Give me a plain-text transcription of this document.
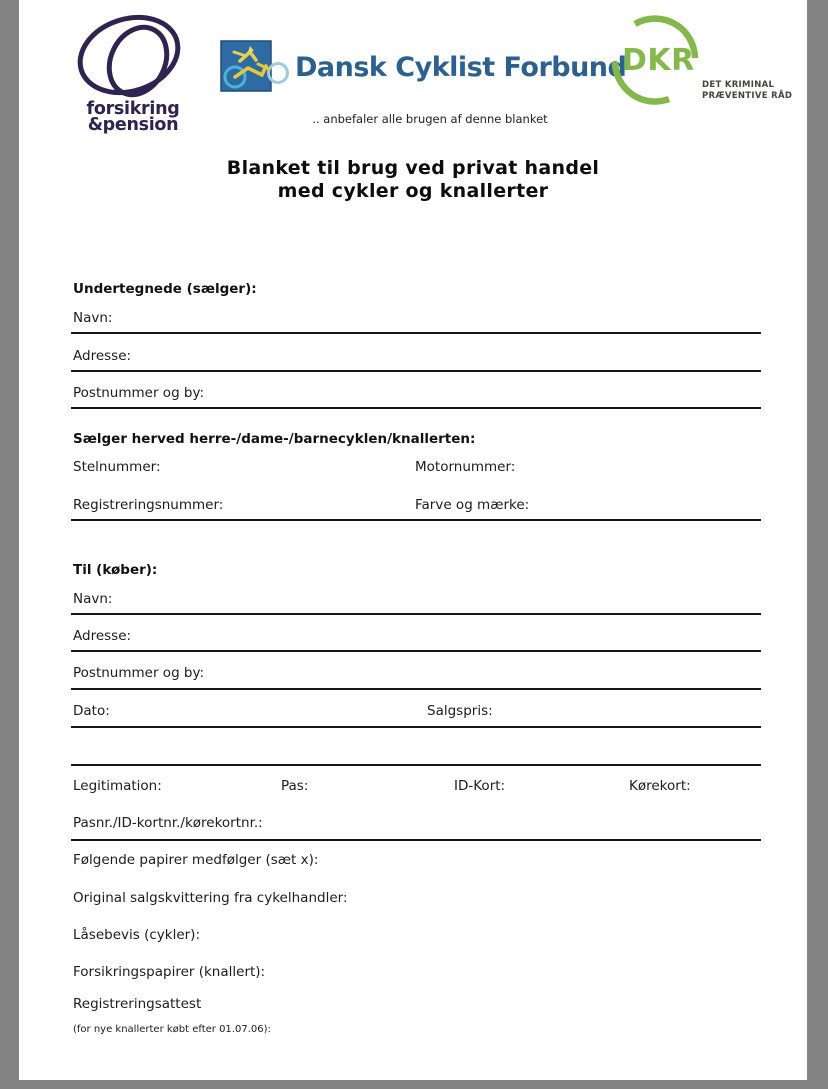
forsikring
&pension
Dansk Cyklist Forbund
.. anbefaler alle brugen af denne blanket
DKR
DET KRIMINAL
PRÆVENTIVE RÅD
Blanket til brug ved privat handel
med cykler og knallerter
Undertegnede (sælger):
Navn:
Adresse:
Postnummer og by:
Sælger herved herre-/dame-/barnecyklen/knallerten:
Stelnummer:	Motornummer:
Registreringsnummer:	Farve og mærke:
Til (køber):
Navn:
Adresse:
Postnummer og by:
Dato:	Salgspris:
Legitimation:	Pas:	ID-Kort:	Kørekort:
Pasnr./ID-kortnr./kørekortnr.:
Følgende papirer medfølger (sæt x):
Original salgskvittering fra cykelhandler:
Låsebevis (cykler):
Forsikringspapirer (knallert):
Registreringsattest
(for nye knallerter købt efter 01.07.06):
